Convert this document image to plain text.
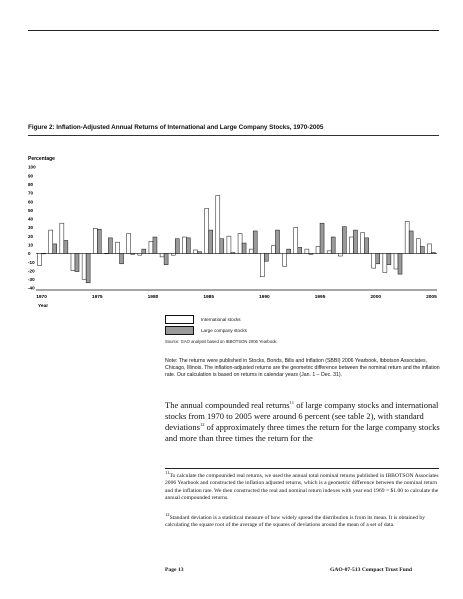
Figure 2: Inflation-Adjusted Annual Returns of International and Large Company Stocks, 1970-2005
Percentage
100
90
80
70
60
50
40
30
20
10
0
-10
-20
-30
-40
1970	1975	1980	1985	1990	1995	2000	2005
Year
International stocks
Large company stocks
Source: GAO analysis based on IBBOTSON 2006 Yearbook.
Note: The returns were published in Stocks, Bonds, Bills and Inflation (SBBI) 2006 Yearbook, Ibbotson Associates, Chicago, Illinois. The inflation-adjusted returns are the geometric difference between the nominal return and the inflation rate. Our calculation is based on returns in calendar years (Jan. 1 – Dec. 31).
The annual compounded real returns$^{11}$ of large company stocks and international stocks from 1970 to 2005 were around 6 percent (see table 2), with standard deviations$^{12}$ of approximately three times the return for the large company stocks and more than three times the return for the
$^{11}$To calculate the compounded real returns, we used the annual total nominal returns published in IBBOTSON Associates 2006 Yearbook and constructed the inflation adjusted returns, which is a geometric difference between the nominal return and the inflation rate. We then constructed the real and nominal return indexes with year end 1969 = $1.00 to calculate the annual compounded returns.
$^{12}$Standard deviation is a statistical measure of how widely spread the distribution is from its mean. It is obtained by calculating the square root of the average of the squares of deviations around the mean of a set of data.
Page 13	GAO-07-513 Compact Trust Fund
